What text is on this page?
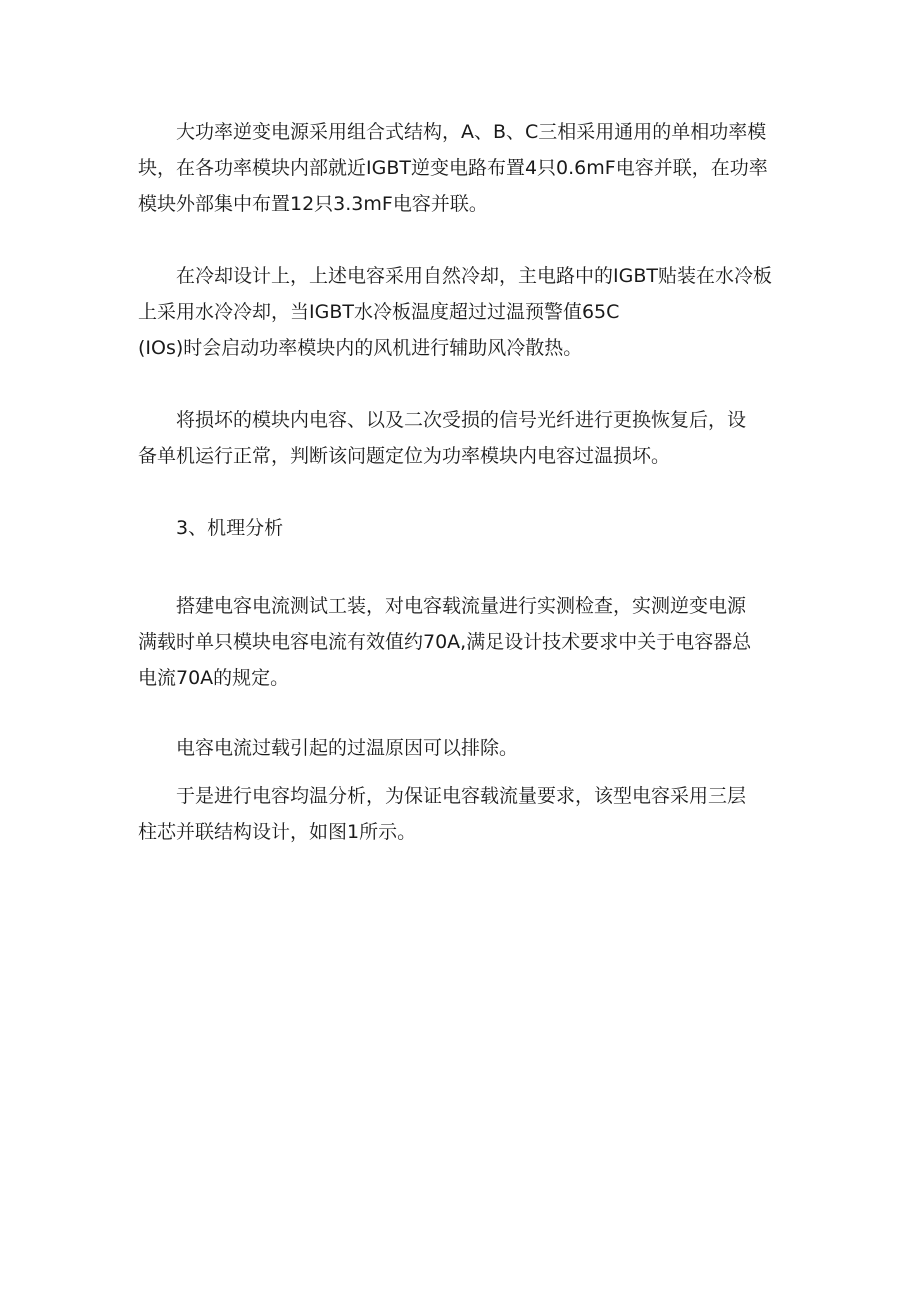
大功率逆变电源采用组合式结构，A、B、C三相采用通用的单相功率模
块，在各功率模块内部就近IGBT逆变电路布置4只0.6mF电容并联，在功率
模块外部集中布置12只3.3mF电容并联。

在冷却设计上，上述电容采用自然冷却，主电路中的IGBT贴装在水冷板
上采用水冷冷却，当IGBT水冷板温度超过过温预警值65C
(IOs)时会启动功率模块内的风机进行辅助风冷散热。

将损坏的模块内电容、以及二次受损的信号光纤进行更换恢复后，设
备单机运行正常，判断该问题定位为功率模块内电容过温损坏。

3、机理分析

搭建电容电流测试工装，对电容载流量进行实测检查，实测逆变电源
满载时单只模块电容电流有效值约70A,满足设计技术要求中关于电容器总
电流70A的规定。

电容电流过载引起的过温原因可以排除。

于是进行电容均温分析，为保证电容载流量要求，该型电容采用三层
柱芯并联结构设计，如图1所示。
